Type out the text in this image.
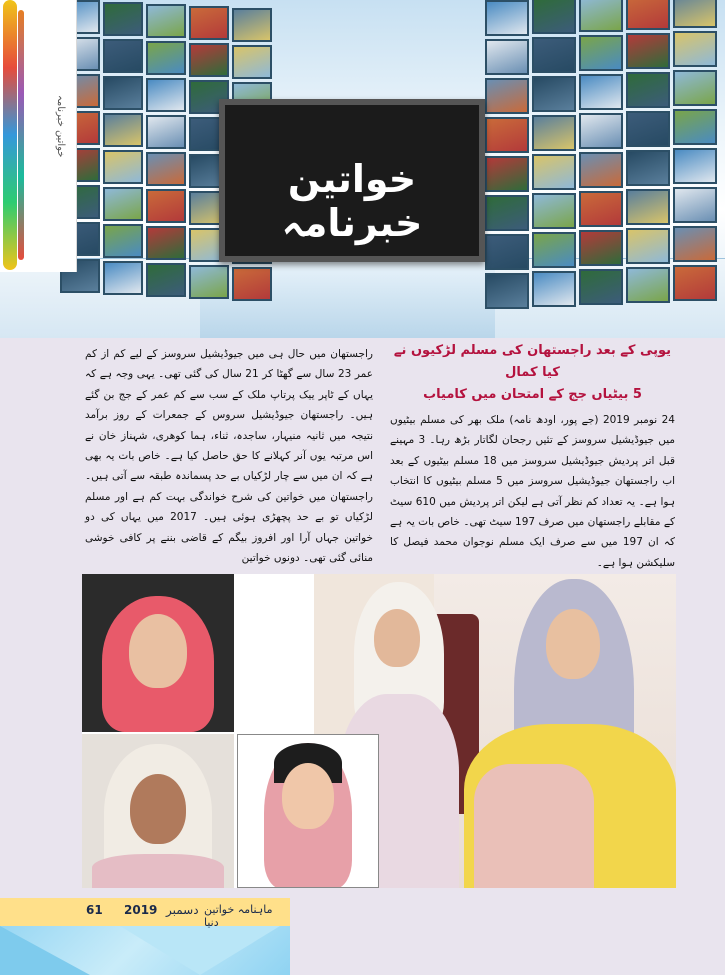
خواتین خبرنامہ
خواتین خبرنامہ
یوپی کے بعد راجستھان کی مسلم لڑکیوں نے کیا کمال
5 بیٹیاں جج کے امتحان میں کامیاب

24 نومبر 2019 (جے پور، اودھ نامہ) ملک بھر کی مسلم بیٹیوں میں جیوڈیشیل سروسز کے تئیں رجحان لگاتار بڑھ رہا۔ 3 مہینے قبل اتر پردیش جیوڈیشیل سروسز میں 18 مسلم بیٹیوں کے بعد اب راجستھان جیوڈیشیل سروسز میں 5 مسلم بیٹیوں کا انتخاب ہوا ہے۔ یہ تعداد کم نظر آتی ہے لیکن اتر پردیش میں 610 سیٹ کے مقابلے راجستھان میں صرف 197 سیٹ تھی۔ خاص بات یہ ہے کہ ان 197 میں سے صرف ایک مسلم نوجوان محمد فیصل کا سلیکشن ہوا ہے۔

راجستھان میں حال ہی میں جیوڈیشیل سروسز کے لیے کم از کم عمر 23 سال سے گھٹا کر 21 سال کی گئی تھی۔ یہی وجہ ہے کہ یہاں کے ٹاپر ییک پرتاپ ملک کے سب سے کم عمر کے جج بن گئے ہیں۔ راجستھان جیوڈیشیل سروس کے جمعرات کے روز برآمد نتیجہ میں ثانیہ منیہار، ساجدہ، ثناء، ہما کوهری، شہناز خان نے اس مرتبہ یوں آنر کہلانے کا حق حاصل کیا ہے۔ خاص بات یہ بھی ہے کہ ان میں سے چار لڑکیاں بے حد پسماندہ طبقہ سے آتی ہیں۔ راجستھان میں خواتین کی شرح خواندگی بہت کم ہے اور مسلم لڑکیاں تو بے حد پچھڑی ہوئی ہیں۔ 2017 میں یہاں کی دو خواتین جہاں آرا اور افروز بیگم کے قاضی بننے پر کافی خوشی منائی گئی تھی۔ دونوں خواتین

61 2019 دسمبر ماہنامہ خواتین دنیا
